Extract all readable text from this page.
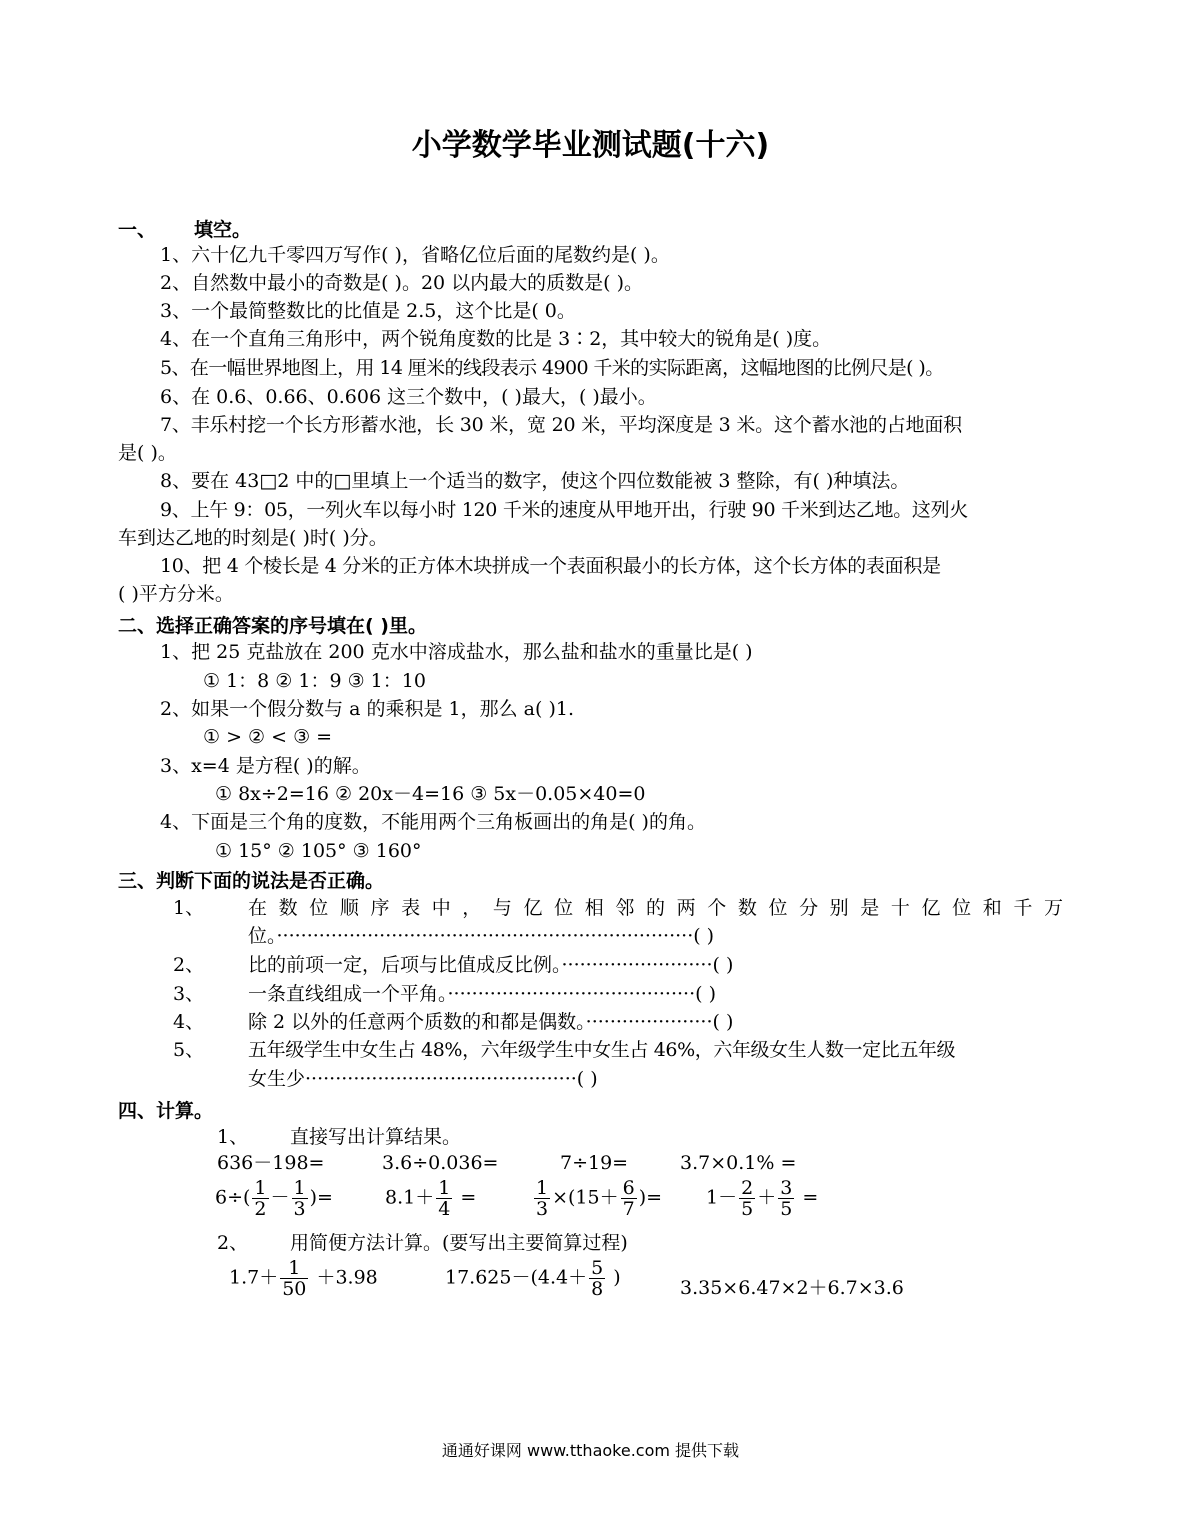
小学数学毕业测试题(十六)
一、 填空。
1、六十亿九千零四万写作( )，省略亿位后面的尾数约是( )。
2、自然数中最小的奇数是( )。20 以内最大的质数是( )。
3、一个最简整数比的比值是 2.5，这个比是( 0。
4、在一个直角三角形中，两个锐角度数的比是 3∶2，其中较大的锐角是( )度。
5、在一幅世界地图上，用 14 厘米的线段表示 4900 千米的实际距离，这幅地图的比例尺是( )。
6、在 0.6、0.66、0.606 这三个数中，( )最大，( )最小。
7、丰乐村挖一个长方形蓄水池，长 30 米，宽 20 米，平均深度是 3 米。这个蓄水池的占地面积
是( )。
8、要在 43□2 中的□里填上一个适当的数字，使这个四位数能被 3 整除，有( )种填法。
9、上午 9：05，一列火车以每小时 120 千米的速度从甲地开出，行驶 90 千米到达乙地。这列火
车到达乙地的时刻是( )时( )分。
10、把 4 个棱长是 4 分米的正方体木块拼成一个表面积最小的长方体，这个长方体的表面积是
( )平方分米。
二、选择正确答案的序号填在( )里。
1、把 25 克盐放在 200 克水中溶成盐水，那么盐和盐水的重量比是( )
① 1：8 ② 1：9 ③ 1：10
2、如果一个假分数与 a 的乘积是 1，那么 a( )1.
① > ② < ③ =
3、x=4 是方程( )的解。
① 8x÷2=16 ② 20x－4=16 ③ 5x－0.05×40=0
4、下面是三个角的度数，不能用两个三角板画出的角是( )的角。
① 15° ② 105° ③ 160°
三、判断下面的说法是否正确。
1、 在数位顺序表中，与亿位相邻的两个数位分别是十亿位和千万
位。·····································································( )
2、 比的前项一定，后项与比值成反比例。·························( )
3、 一条直线组成一个平角。·········································( )
4、 除 2 以外的任意两个质数的和都是偶数。·····················( )
5、 五年级学生中女生占 48%，六年级学生中女生占 46%，六年级女生人数一定比五年级
女生少·············································( )
四、计算。
1、 直接写出计算结果。
636－198=	3.6÷0.036=	7÷19=	3.7×0.1% =
$6\div( \frac{1}{2} - \frac{1}{3}$ )=	$8.1+ \frac{1}{4}$ =	$\frac{1}{3} \times(15+ \frac{6}{7}$ )= $1- \frac{2}{5} + \frac{3}{5}$ =
2、 用简便方法计算。(要写出主要简算过程)
$1.7+ \frac{1}{50} +3.98$	$17.625-(4.4+ \frac{5}{8}$ )	3.35×6.47×2＋6.7×3.6
通通好课网 www.tthaoke.com 提供下载
